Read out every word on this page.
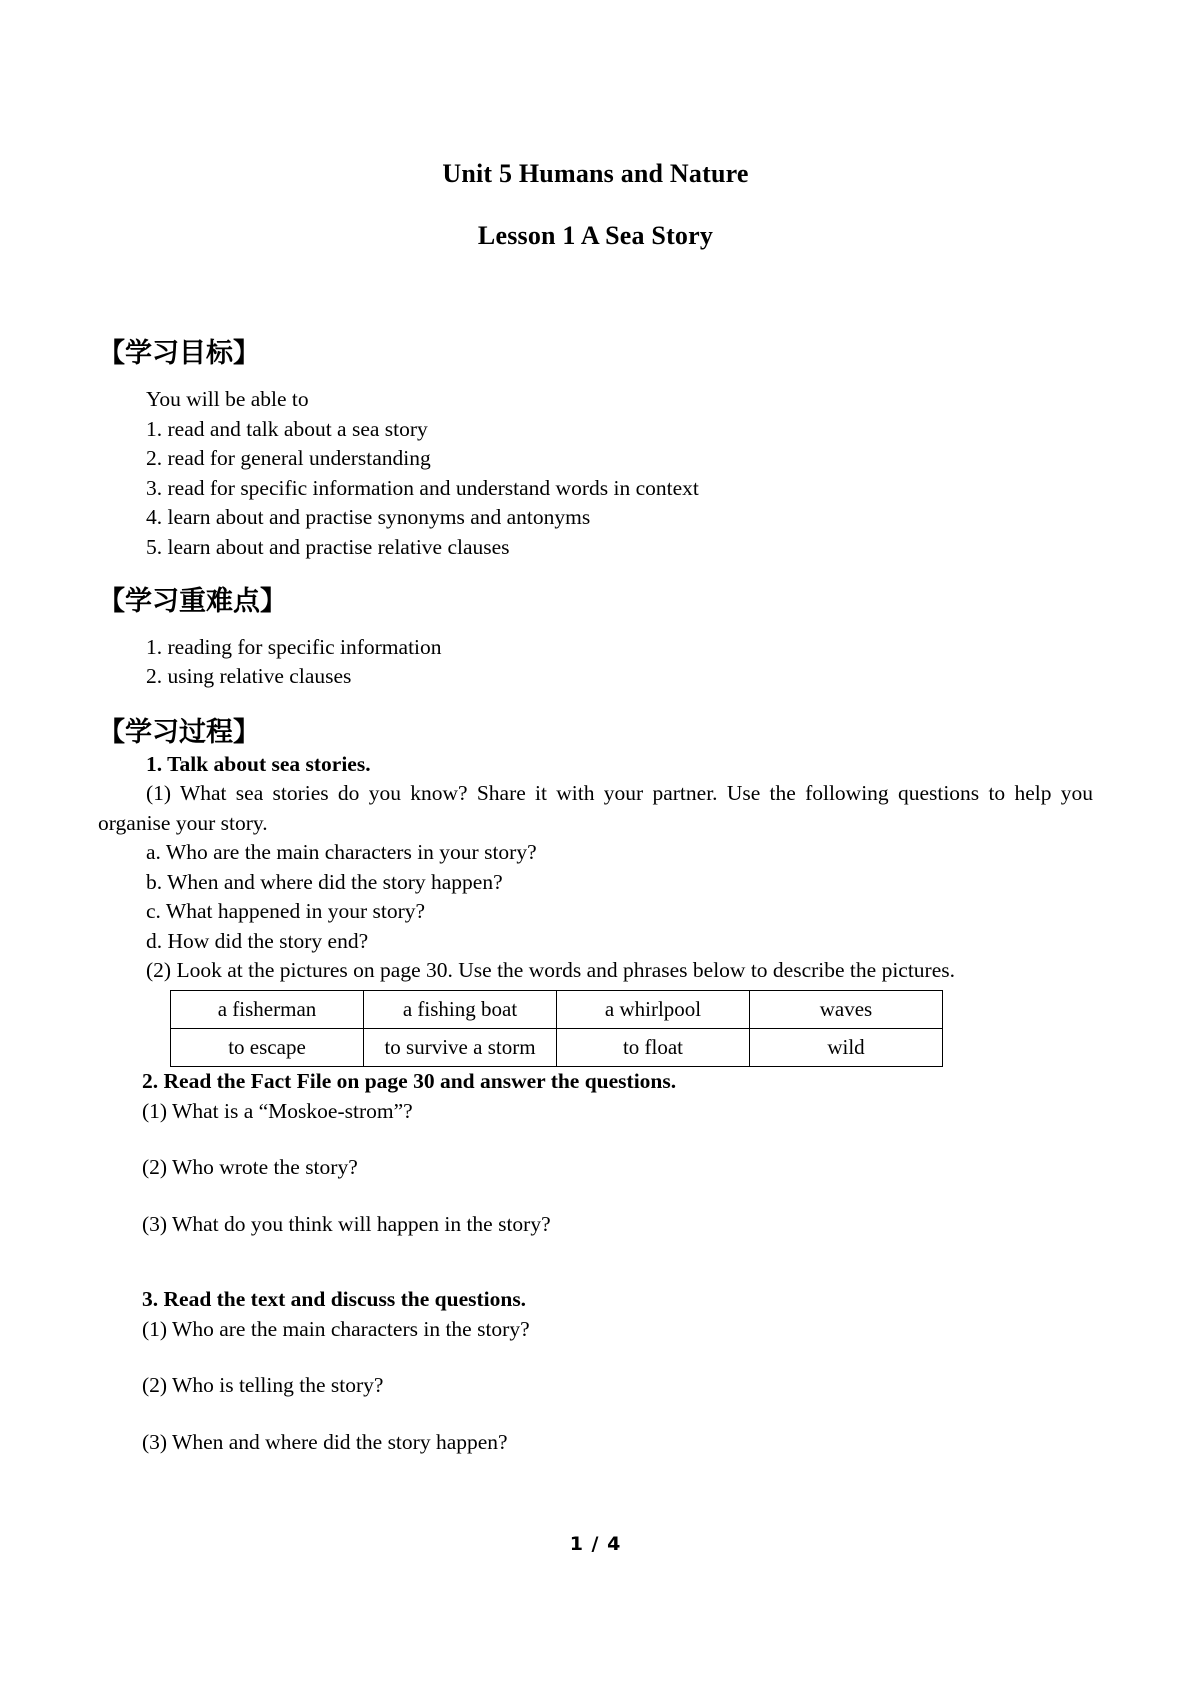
Unit 5 Humans and Nature
Lesson 1 A Sea Story
【学习目标】
You will be able to
1. read and talk about a sea story
2. read for general understanding
3. read for specific information and understand words in context
4. learn about and practise synonyms and antonyms
5. learn about and practise relative clauses
【学习重难点】
1. reading for specific information
2. using relative clauses
【学习过程】
1. Talk about sea stories.
(1) What sea stories do you know? Share it with your partner. Use the following questions to help you organise your story.
a. Who are the main characters in your story?
b. When and where did the story happen?
c. What happened in your story?
d. How did the story end?
(2) Look at the pictures on page 30. Use the words and phrases below to describe the pictures.
a fisherman	a fishing boat	a whirlpool	waves
to escape	to survive a storm	to float	wild
2. Read the Fact File on page 30 and answer the questions.
(1) What is a “Moskoe-strom”?
(2) Who wrote the story?
(3) What do you think will happen in the story?
3. Read the text and discuss the questions.
(1) Who are the main characters in the story?
(2) Who is telling the story?
(3) When and where did the story happen?
1 / 4
